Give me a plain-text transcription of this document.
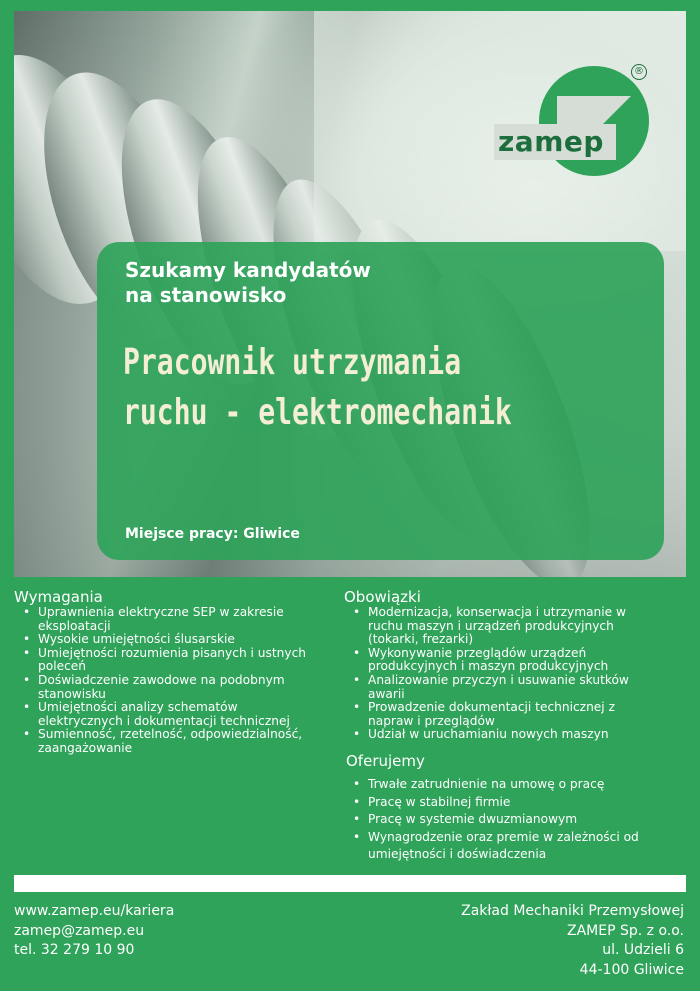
zamep
®
Szukamy kandydatów
na stanowisko
Pracownik utrzymania
ruchu - elektromechanik
Miejsce pracy: Gliwice
Wymagania
• Uprawnienia elektryczne SEP w zakresie
eksploatacji
• Wysokie umiejętności ślusarskie
• Umiejętności rozumienia pisanych i ustnych
poleceń
• Doświadczenie zawodowe na podobnym
stanowisku
• Umiejętności analizy schematów
elektrycznych i dokumentacji technicznej
• Sumienność, rzetelność, odpowiedzialność,
zaangażowanie
Obowiązki
• Modernizacja, konserwacja i utrzymanie w
ruchu maszyn i urządzeń produkcyjnych
(tokarki, frezarki)
• Wykonywanie przeglądów urządzeń
produkcyjnych i maszyn produkcyjnych
• Analizowanie przyczyn i usuwanie skutków
awarii
• Prowadzenie dokumentacji technicznej z
napraw i przeglądów
• Udział w uruchamianiu nowych maszyn
Oferujemy
• Trwałe zatrudnienie na umowę o pracę
• Pracę w stabilnej firmie
• Pracę w systemie dwuzmianowym
• Wynagrodzenie oraz premie w zależności od
umiejętności i doświadczenia
www.zamep.eu/kariera
zamep@zamep.eu
tel. 32 279 10 90
Zakład Mechaniki Przemysłowej
ZAMEP Sp. z o.o.
ul. Udzieli 6
44-100 Gliwice
